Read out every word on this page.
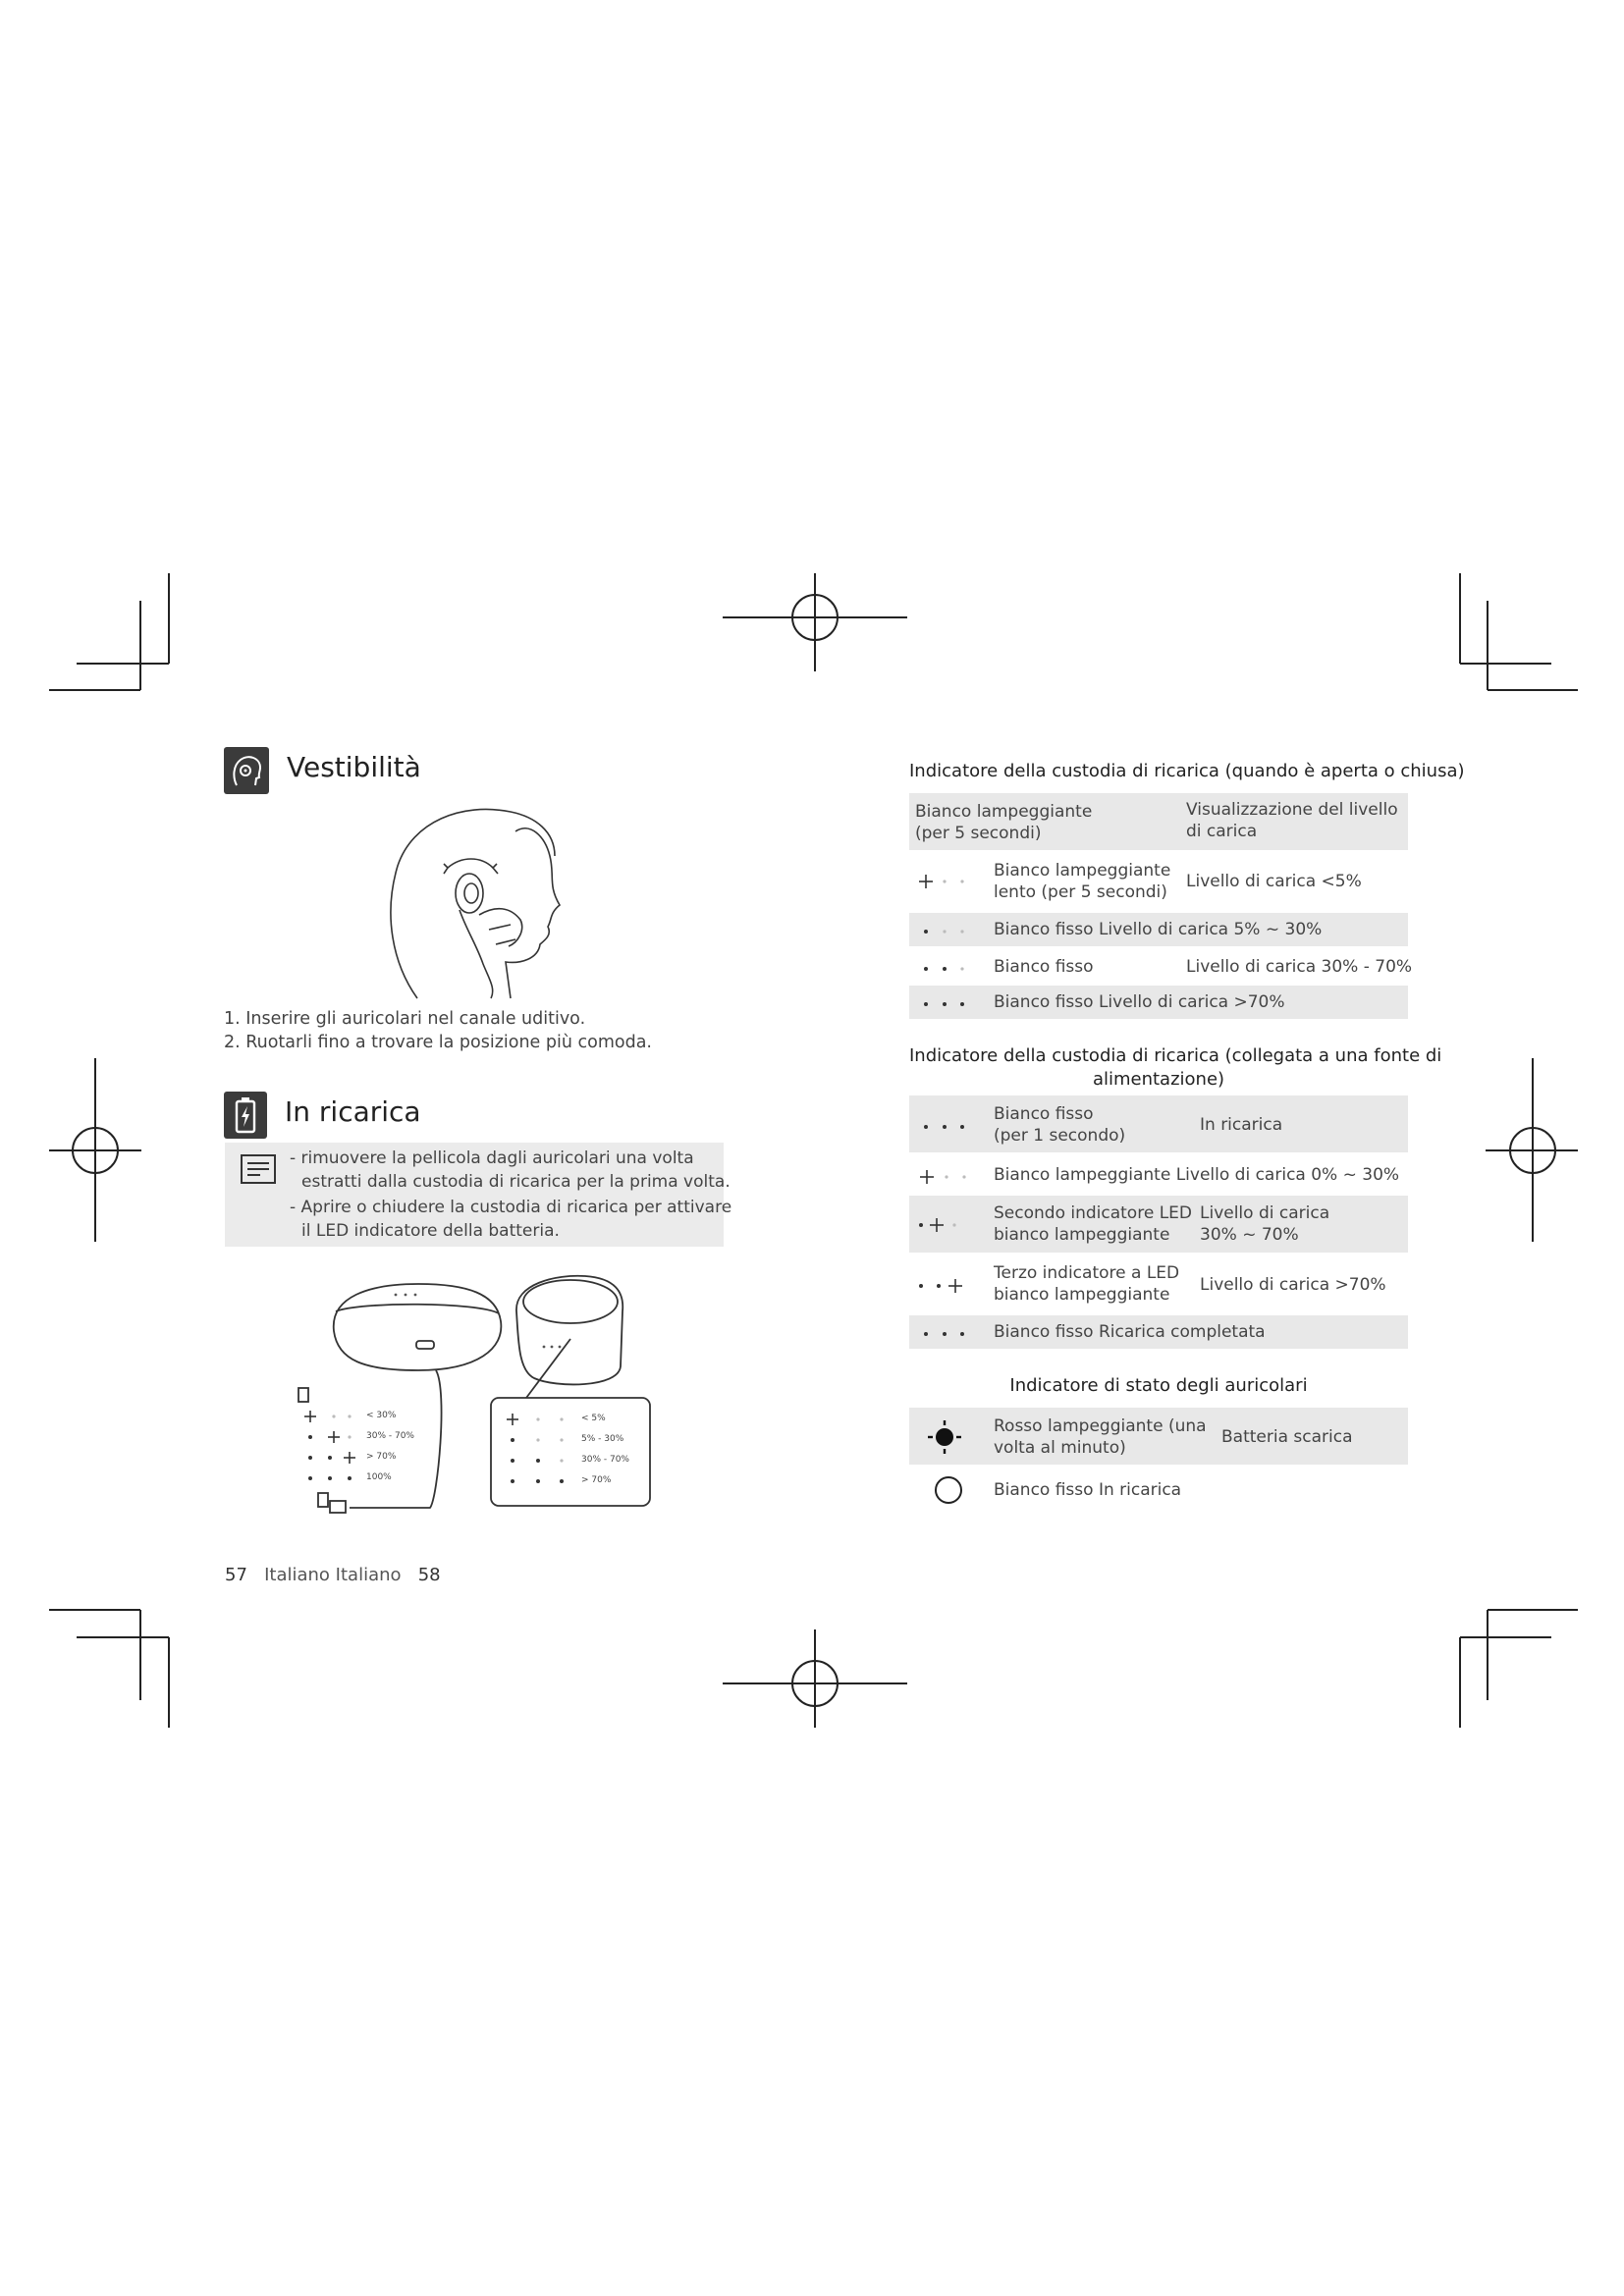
Vestibilità
1. Inserire gli auricolari nel canale uditivo.
2. Ruotarli fino a trovare la posizione più comoda.
In ricarica
- rimuovere la pellicola dagli auricolari una volta
estratti dalla custodia di ricarica per la prima volta.
- Aprire o chiudere la custodia di ricarica per attivare
il LED indicatore della batteria.
< 30%
30% - 70%
> 70%
100%
< 5%
5% - 30%
30% - 70%
> 70%
57 Italiano Italiano 58
Indicatore della custodia di ricarica (quando è aperta o chiusa)
Bianco lampeggiante
(per 5 secondi)
Visualizzazione del livello
di carica
Bianco lampeggiante
lento (per 5 secondi)
Livello di carica <5%
Bianco fisso Livello di carica 5% ~ 30%
Bianco fisso	Livello di carica 30% - 70%
Bianco fisso Livello di carica >70%
Indicatore della custodia di ricarica (collegata a una fonte di
alimentazione)
Bianco fisso
(per 1 secondo)
In ricarica
Bianco lampeggiante Livello di carica 0% ~ 30%
Secondo indicatore LED
bianco lampeggiante
Livello di carica
30% ~ 70%
Terzo indicatore a LED
bianco lampeggiante	Livello di carica >70%
Bianco fisso Ricarica completata
Indicatore di stato degli auricolari
Rosso lampeggiante (una
volta al minuto)
Batteria scarica
Bianco fisso In ricarica
